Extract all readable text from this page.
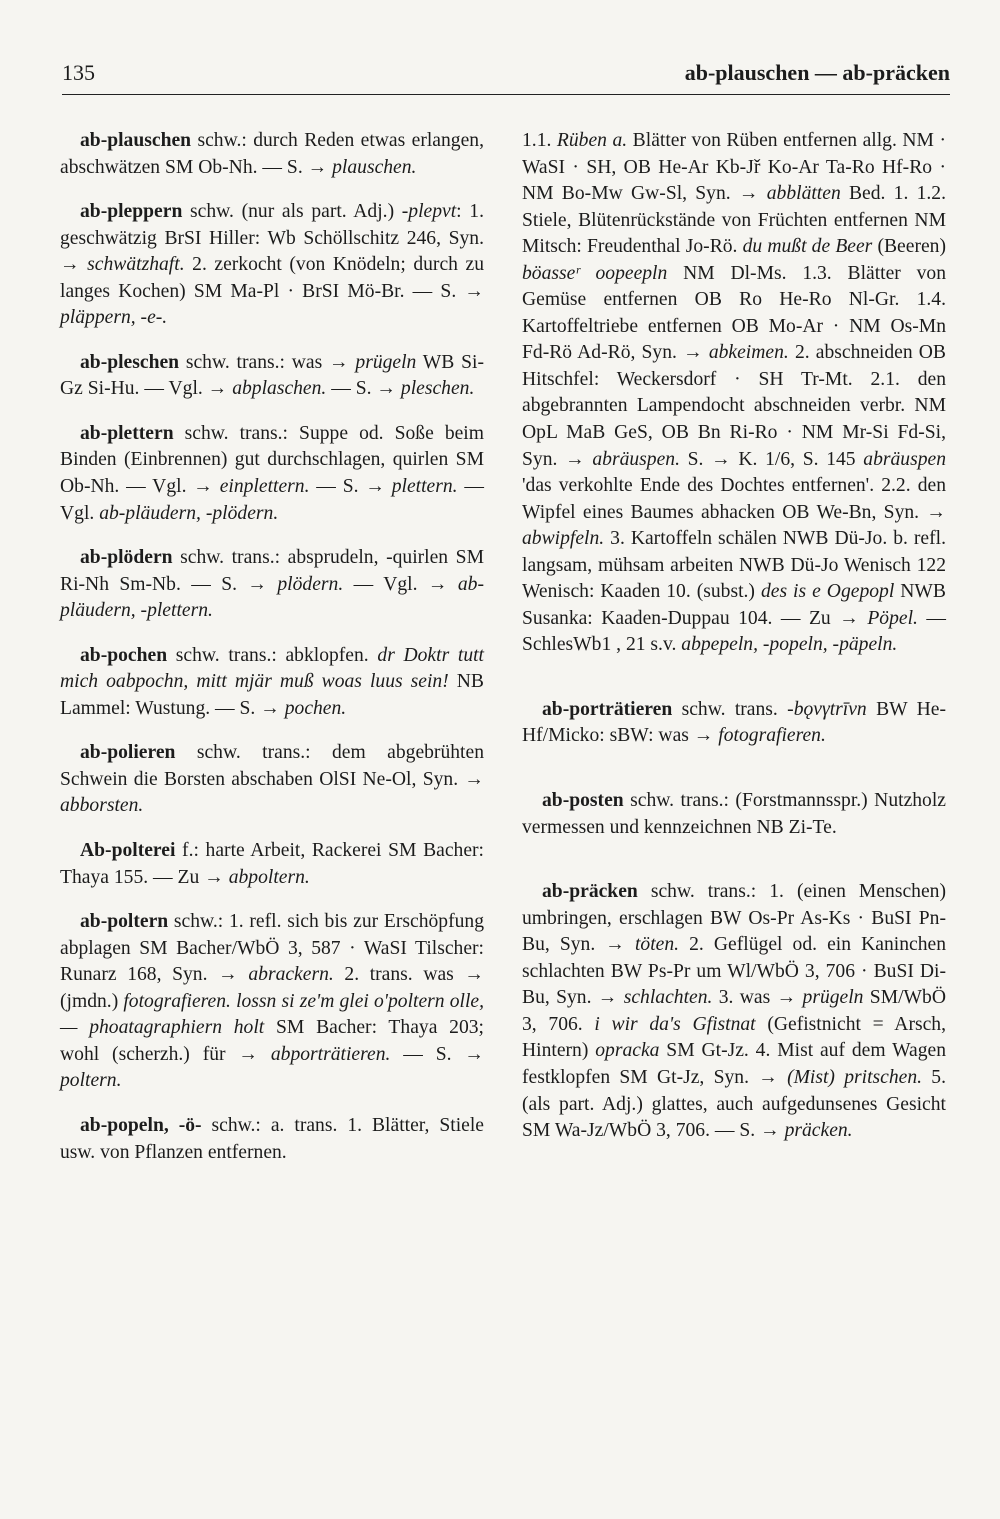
135	ab-plauschen — ab-präcken

ab-plauschen schw.: durch Reden etwas erlangen, abschwätzen SM Ob-Nh. — S. → plauschen.

ab-pleppern schw. (nur als part. Adj.) -plepvt: 1. geschwätzig BrSI Hiller: Wb Schöllschitz 246, Syn. → schwätzhaft. 2. zerkocht (von Knödeln; durch zu langes Kochen) SM Ma-Pl · BrSI Mö-Br. — S. → pläppern, -e-.

ab-pleschen schw. trans.: was → prügeln WB Si-Gz Si-Hu. — Vgl. → abplaschen. — S. → pleschen.

ab-plettern schw. trans.: Suppe od. Soße beim Binden (Einbrennen) gut durchschlagen, quirlen SM Ob-Nh. — Vgl. → einplettern. — S. → plettern. — Vgl. ab-pläudern, -plödern.

ab-plödern schw. trans.: absprudeln, -quirlen SM Ri-Nh Sm-Nb. — S. → plödern. — Vgl. → ab-pläudern, -plettern.

ab-pochen schw. trans.: abklopfen. dr Doktr tutt mich oabpochn, mitt mjär muß woas luus sein! NB Lammel: Wustung. — S. → pochen.

ab-polieren schw. trans.: dem abgebrühten Schwein die Borsten abschaben OlSI Ne-Ol, Syn. → abborsten.

Ab-polterei f.: harte Arbeit, Rackerei SM Bacher: Thaya 155. — Zu → abpoltern.

ab-poltern schw.: 1. refl. sich bis zur Erschöpfung abplagen SM Bacher/WbÖ 3, 587 · WaSI Tilscher: Runarz 168, Syn. → abrackern. 2. trans. was → (jmdn.) fotografieren. lossn si ze'm glei o'poltern olle, — phoatagraphiern holt SM Bacher: Thaya 203; wohl (scherzh.) für → abporträtieren. — S. → poltern.

ab-popeln, -ö- schw.: a. trans. 1. Blätter, Stiele usw. von Pflanzen entfernen.

1.1. Rüben a. Blätter von Rüben entfernen allg. NM · WaSI · SH, OB He-Ar Kb-Jř Ko-Ar Ta-Ro Hf-Ro · NM Bo-Mw Gw-Sl, Syn. → abblätten Bed. 1. 1.2. Stiele, Blütenrückstände von Früchten entfernen NM Mitsch: Freudenthal Jo-Rö. du mußt de Beer (Beeren) böasseʳ oopeepln NM Dl-Ms. 1.3. Blätter von Gemüse entfernen OB Ro He-Ro Nl-Gr. 1.4. Kartoffeltriebe entfernen OB Mo-Ar · NM Os-Mn Fd-Rö Ad-Rö, Syn. → abkeimen. 2. abschneiden OB Hitschfel: Weckersdorf · SH Tr-Mt. 2.1. den abgebrannten Lampendocht abschneiden verbr. NM OpL MaB GeS, OB Bn Ri-Ro · NM Mr-Si Fd-Si, Syn. → abräuspen. S. → K. 1/6, S. 145 abräuspen 'das verkohlte Ende des Dochtes entfernen'. 2.2. den Wipfel eines Baumes abhacken OB We-Bn, Syn. → abwipfeln. 3. Kartoffeln schälen NWB Dü-Jo. b. refl. langsam, mühsam arbeiten NWB Dü-Jo Wenisch 122 Wenisch: Kaaden 10. (subst.) des is e Ogepopl NWB Susanka: Kaaden-Duppau 104. — Zu → Pöpel. — SchlesWb1 , 21 s.v. abpepeln, -popeln, -päpeln.

ab-porträtieren schw. trans. -bǫvγtrīvn BW He-Hf/Micko: sBW: was → fotografieren.

ab-posten schw. trans.: (Forstmannsspr.) Nutzholz vermessen und kennzeichnen NB Zi-Te.

ab-präcken schw. trans.: 1. (einen Menschen) umbringen, erschlagen BW Os-Pr As-Ks · BuSI Pn-Bu, Syn. → töten. 2. Geflügel od. ein Kaninchen schlachten BW Ps-Pr um Wl/WbÖ 3, 706 · BuSI Di-Bu, Syn. → schlachten. 3. was → prügeln SM/WbÖ 3, 706. i wir da's Gfistnat (Gefistnicht = Arsch, Hintern) opracka SM Gt-Jz. 4. Mist auf dem Wagen festklopfen SM Gt-Jz, Syn. → (Mist) pritschen. 5. (als part. Adj.) glattes, auch aufgedunsenes Gesicht SM Wa-Jz/WbÖ 3, 706. — S. → präcken.
